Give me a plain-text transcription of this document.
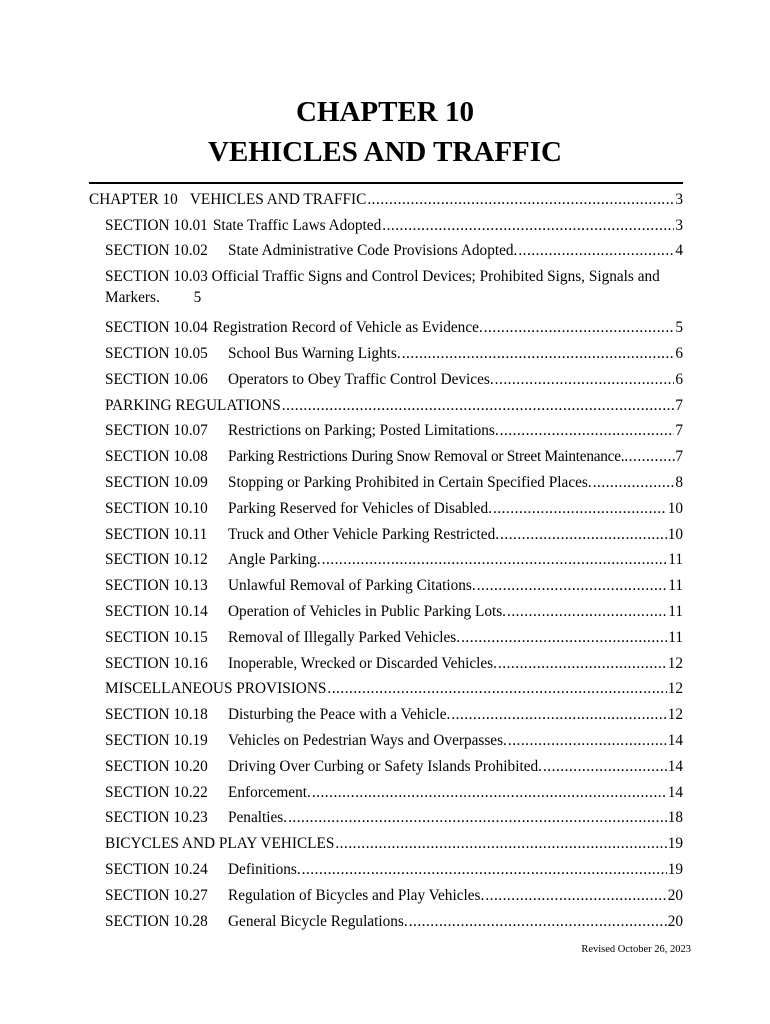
CHAPTER 10
VEHICLES AND TRAFFIC
CHAPTER 10 VEHICLES AND TRAFFIC .....	3
SECTION 10.01 State Traffic Laws Adopted .....	3
SECTION 10.02	State Administrative Code Provisions Adopted. .....	4
SECTION 10.03 Official Traffic Signs and Control Devices; Prohibited Signs, Signals and Markers. 5
SECTION 10.04 Registration Record of Vehicle as Evidence. .....	5
SECTION 10.05	School Bus Warning Lights. .....	6
SECTION 10.06	Operators to Obey Traffic Control Devices. .....	6
PARKING REGULATIONS .....	7
SECTION 10.07	Restrictions on Parking; Posted Limitations. .....	7
SECTION 10.08	Parking Restrictions During Snow Removal or Street Maintenance. .....	7
SECTION 10.09	Stopping or Parking Prohibited in Certain Specified Places. .....	8
SECTION 10.10	Parking Reserved for Vehicles of Disabled. .....	10
SECTION 10.11	Truck and Other Vehicle Parking Restricted. .....	10
SECTION 10.12	Angle Parking. .....	11
SECTION 10.13	Unlawful Removal of Parking Citations. .....	11
SECTION 10.14	Operation of Vehicles in Public Parking Lots. .....	11
SECTION 10.15	Removal of Illegally Parked Vehicles. .....	11
SECTION 10.16	Inoperable, Wrecked or Discarded Vehicles. .....	12
MISCELLANEOUS PROVISIONS .....	12
SECTION 10.18	Disturbing the Peace with a Vehicle. .....	12
SECTION 10.19	Vehicles on Pedestrian Ways and Overpasses. .....	14
SECTION 10.20	Driving Over Curbing or Safety Islands Prohibited. .....	14
SECTION 10.22	Enforcement. .....	14
SECTION 10.23	Penalties. .....	18
BICYCLES AND PLAY VEHICLES .....	19
SECTION 10.24	Definitions. .....	19
SECTION 10.27	Regulation of Bicycles and Play Vehicles. .....	20
SECTION 10.28	General Bicycle Regulations. .....	20
Revised October 26, 2023
